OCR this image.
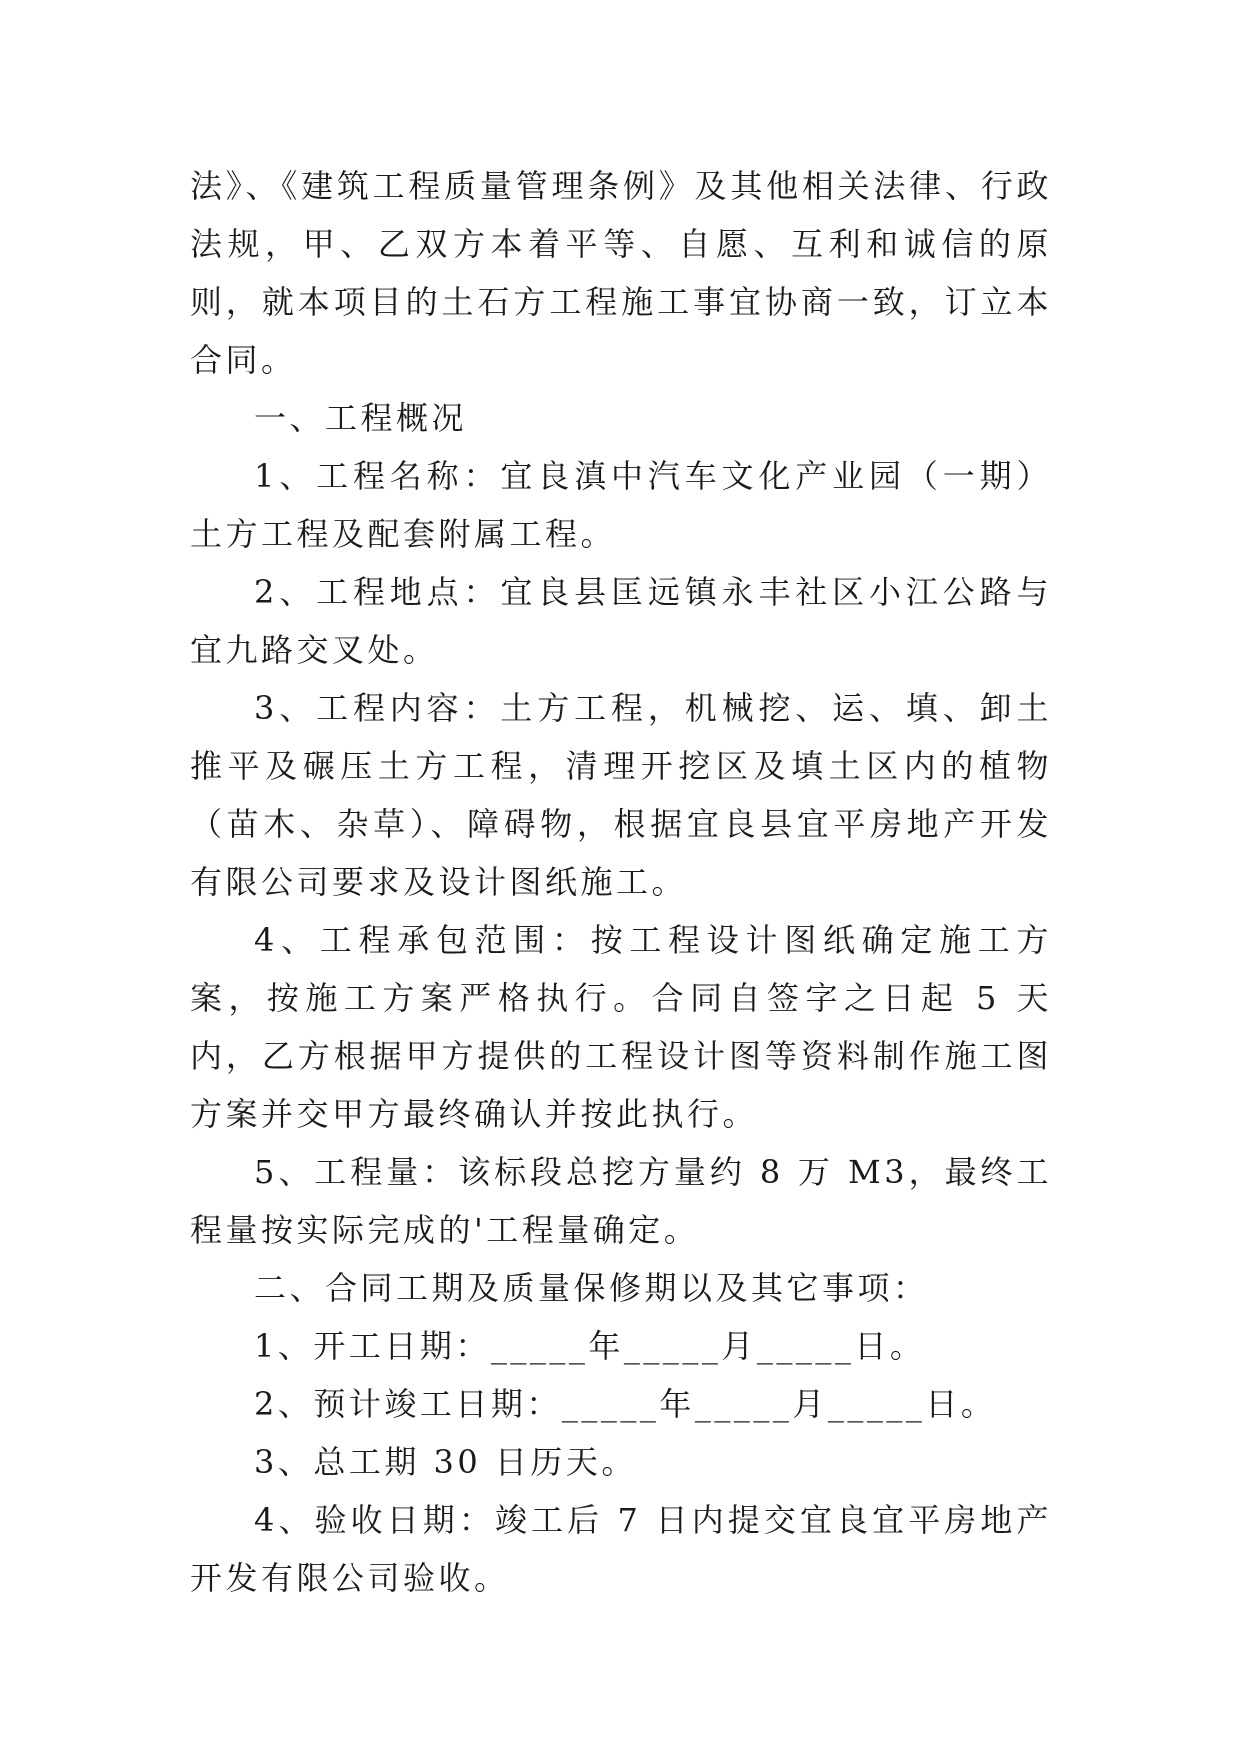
法》、《建筑工程质量管理条例》及其他相关法律、行政法规，甲、乙双方本着平等、自愿、互利和诚信的原则，就本项目的土石方工程施工事宜协商一致，订立本合同。

一、工程概况

1、工程名称：宜良滇中汽车文化产业园（一期）土方工程及配套附属工程。

2、工程地点：宜良县匡远镇永丰社区小江公路与宜九路交叉处。

3、工程内容：土方工程，机械挖、运、填、卸土推平及碾压土方工程，清理开挖区及填土区内的植物（苗木、杂草）、障碍物，根据宜良县宜平房地产开发有限公司要求及设计图纸施工。

4、工程承包范围：按工程设计图纸确定施工方案，按施工方案严格执行。合同自签字之日起 5 天内，乙方根据甲方提供的工程设计图等资料制作施工图方案并交甲方最终确认并按此执行。

5、工程量：该标段总挖方量约 8 万 M3，最终工程量按实际完成的'工程量确定。

二、合同工期及质量保修期以及其它事项：

1、开工日期：_____年_____月_____日。

2、预计竣工日期：_____年_____月_____日。

3、总工期 30 日历天。

4、验收日期：竣工后 7 日内提交宜良宜平房地产开发有限公司验收。
